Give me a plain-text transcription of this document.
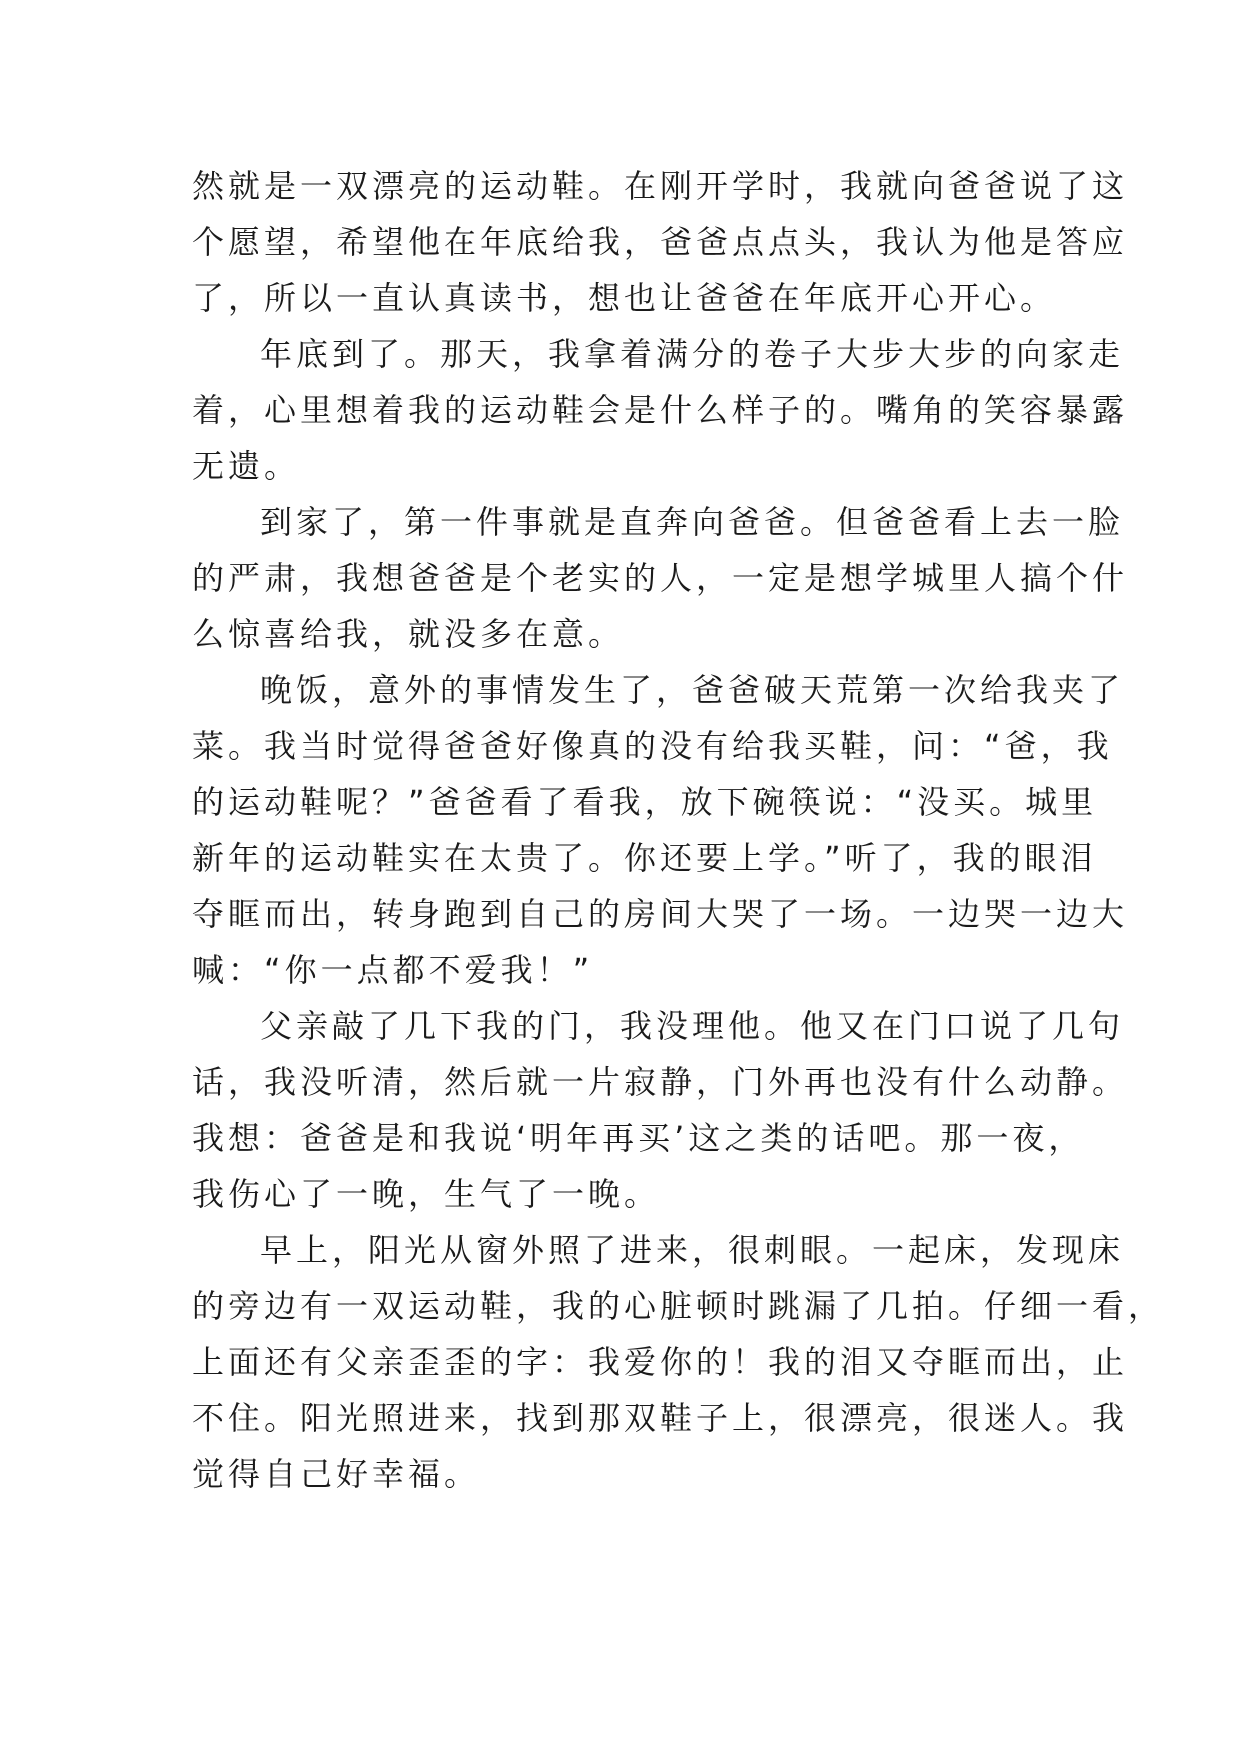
然就是一双漂亮的运动鞋。在刚开学时，我就向爸爸说了这
个愿望，希望他在年底给我，爸爸点点头，我认为他是答应
了，所以一直认真读书，想也让爸爸在年底开心开心。
年底到了。那天，我拿着满分的卷子大步大步的向家走
着，心里想着我的运动鞋会是什么样子的。嘴角的笑容暴露
无遗。
到家了，第一件事就是直奔向爸爸。但爸爸看上去一脸
的严肃，我想爸爸是个老实的人，一定是想学城里人搞个什
么惊喜给我，就没多在意。
晚饭，意外的事情发生了，爸爸破天荒第一次给我夹了
菜。我当时觉得爸爸好像真的没有给我买鞋，问：“爸，我
的运动鞋呢？”爸爸看了看我，放下碗筷说：“没买。城里
新年的运动鞋实在太贵了。你还要上学。”听了，我的眼泪
夺眶而出，转身跑到自己的房间大哭了一场。一边哭一边大
喊：“你一点都不爱我！”
父亲敲了几下我的门，我没理他。他又在门口说了几句
话，我没听清，然后就一片寂静，门外再也没有什么动静。
我想：爸爸是和我说‘明年再买’这之类的话吧。那一夜，
我伤心了一晚，生气了一晚。
早上，阳光从窗外照了进来，很刺眼。一起床，发现床
的旁边有一双运动鞋，我的心脏顿时跳漏了几拍。仔细一看，
上面还有父亲歪歪的字：我爱你的！我的泪又夺眶而出，止
不住。阳光照进来，找到那双鞋子上，很漂亮，很迷人。我
觉得自己好幸福。
